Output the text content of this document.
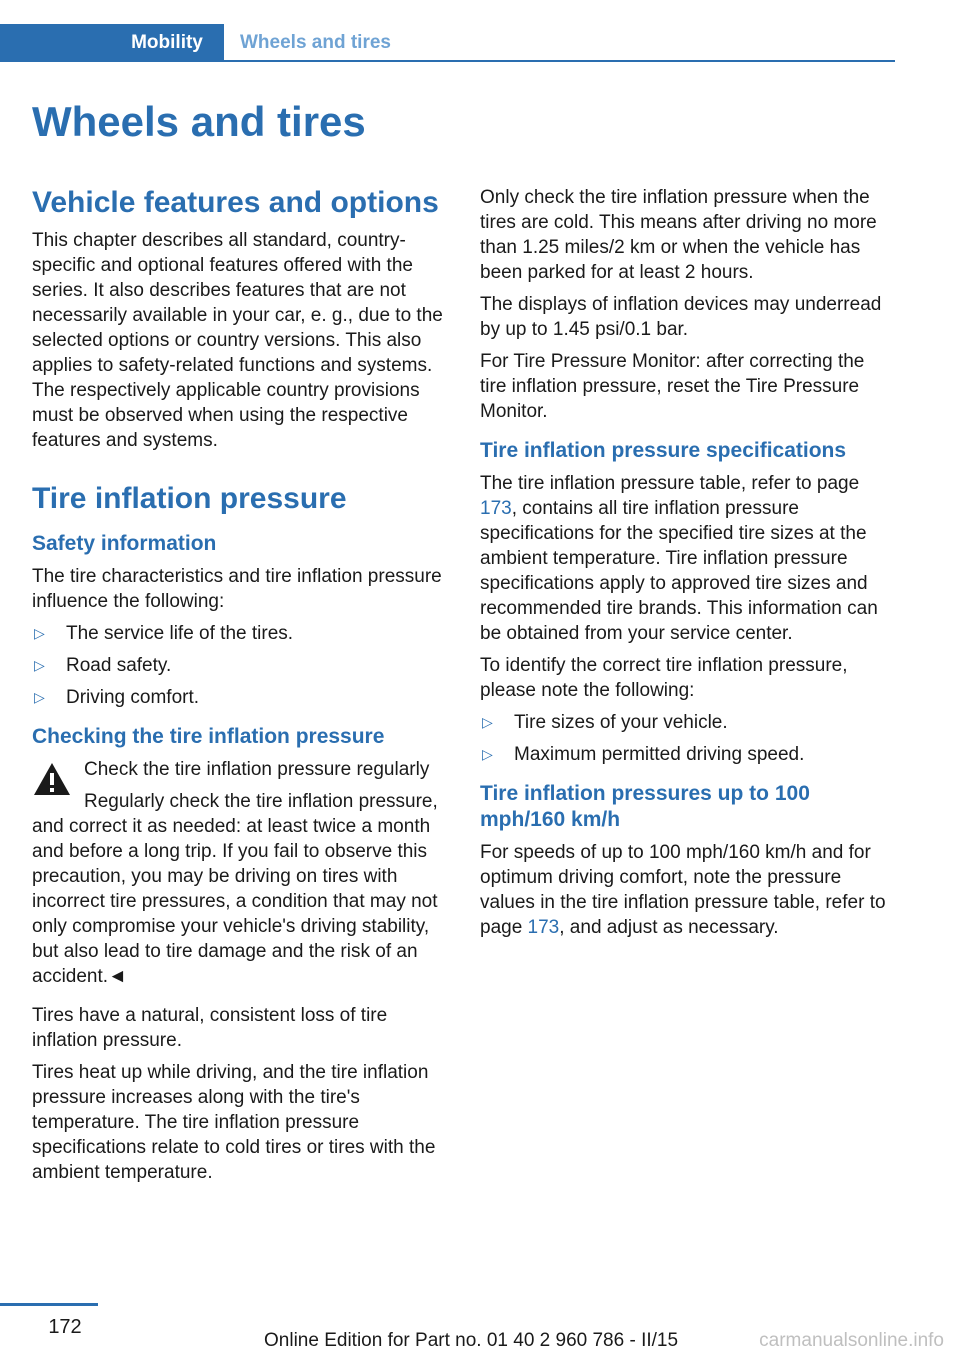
Mobility Wheels and tires
Wheels and tires
Vehicle features and options

This chapter describes all standard, country-specific and optional features offered with the series. It also describes features that are not necessarily available in your car, e. g., due to the selected options or country versions. This also applies to safety-related functions and systems. The respectively applicable country provisions must be observed when using the respective features and systems.

Tire inflation pressure
Safety information

The tire characteristics and tire inflation pressure influence the following:

▷ The service life of the tires.
▷ Road safety.
▷ Driving comfort.
Checking the tire inflation pressure
Check the tire inflation pressure regularly

Regularly check the tire inflation pressure, and correct it as needed: at least twice a month and before a long trip. If you fail to observe this precaution, you may be driving on tires with incorrect tire pressures, a condition that may not only compromise your vehicle's driving stability, but also lead to tire damage and the risk of an accident.◄

Tires have a natural, consistent loss of tire inflation pressure.

Tires heat up while driving, and the tire inflation pressure increases along with the tire's temperature. The tire inflation pressure specifications relate to cold tires or tires with the ambient temperature.

Only check the tire inflation pressure when the tires are cold. This means after driving no more than 1.25 miles/2 km or when the vehicle has been parked for at least 2 hours.

The displays of inflation devices may underread by up to 1.45 psi/0.1 bar.

For Tire Pressure Monitor: after correcting the tire inflation pressure, reset the Tire Pressure Monitor.

Tire inflation pressure specifications

The tire inflation pressure table, refer to page 173, contains all tire inflation pressure specifications for the specified tire sizes at the ambient temperature. Tire inflation pressure specifications apply to approved tire sizes and recommended tire brands. This information can be obtained from your service center.

To identify the correct tire inflation pressure, please note the following:

▷ Tire sizes of your vehicle.
▷ Maximum permitted driving speed.
Tire inflation pressures up to 100 mph/160 km/h

For speeds of up to 100 mph/160 km/h and for optimum driving comfort, note the pressure values in the tire inflation pressure table, refer to page 173, and adjust as necessary.

172
Online Edition for Part no. 01 40 2 960 786 - II/15	carmanualsonline.info
